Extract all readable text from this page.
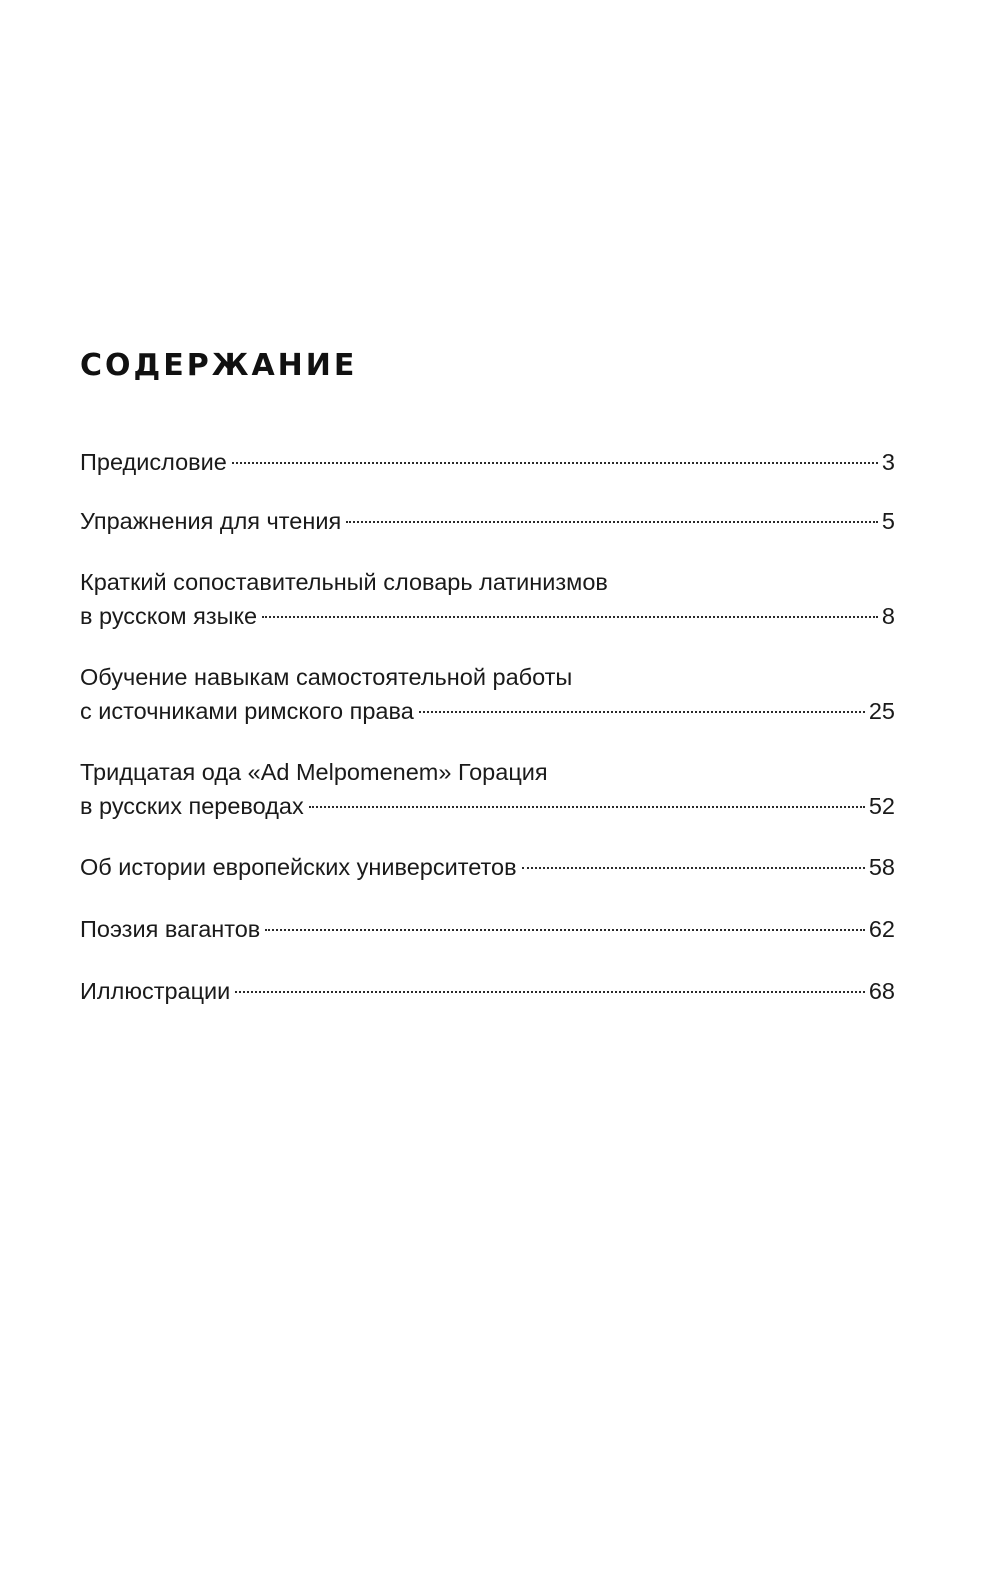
СОДЕРЖАНИЕ
Предисловие	3
Упражнения для чтения	5
Краткий сопоставительный словарь латинизмов
в русском языке	8
Обучение навыкам самостоятельной работы
с источниками римского права	25
Тридцатая ода «Ad Melpomenem» Горация
в русских переводах	52
Об истории европейских университетов	58
Поэзия вагантов	62
Иллюстрации	68
